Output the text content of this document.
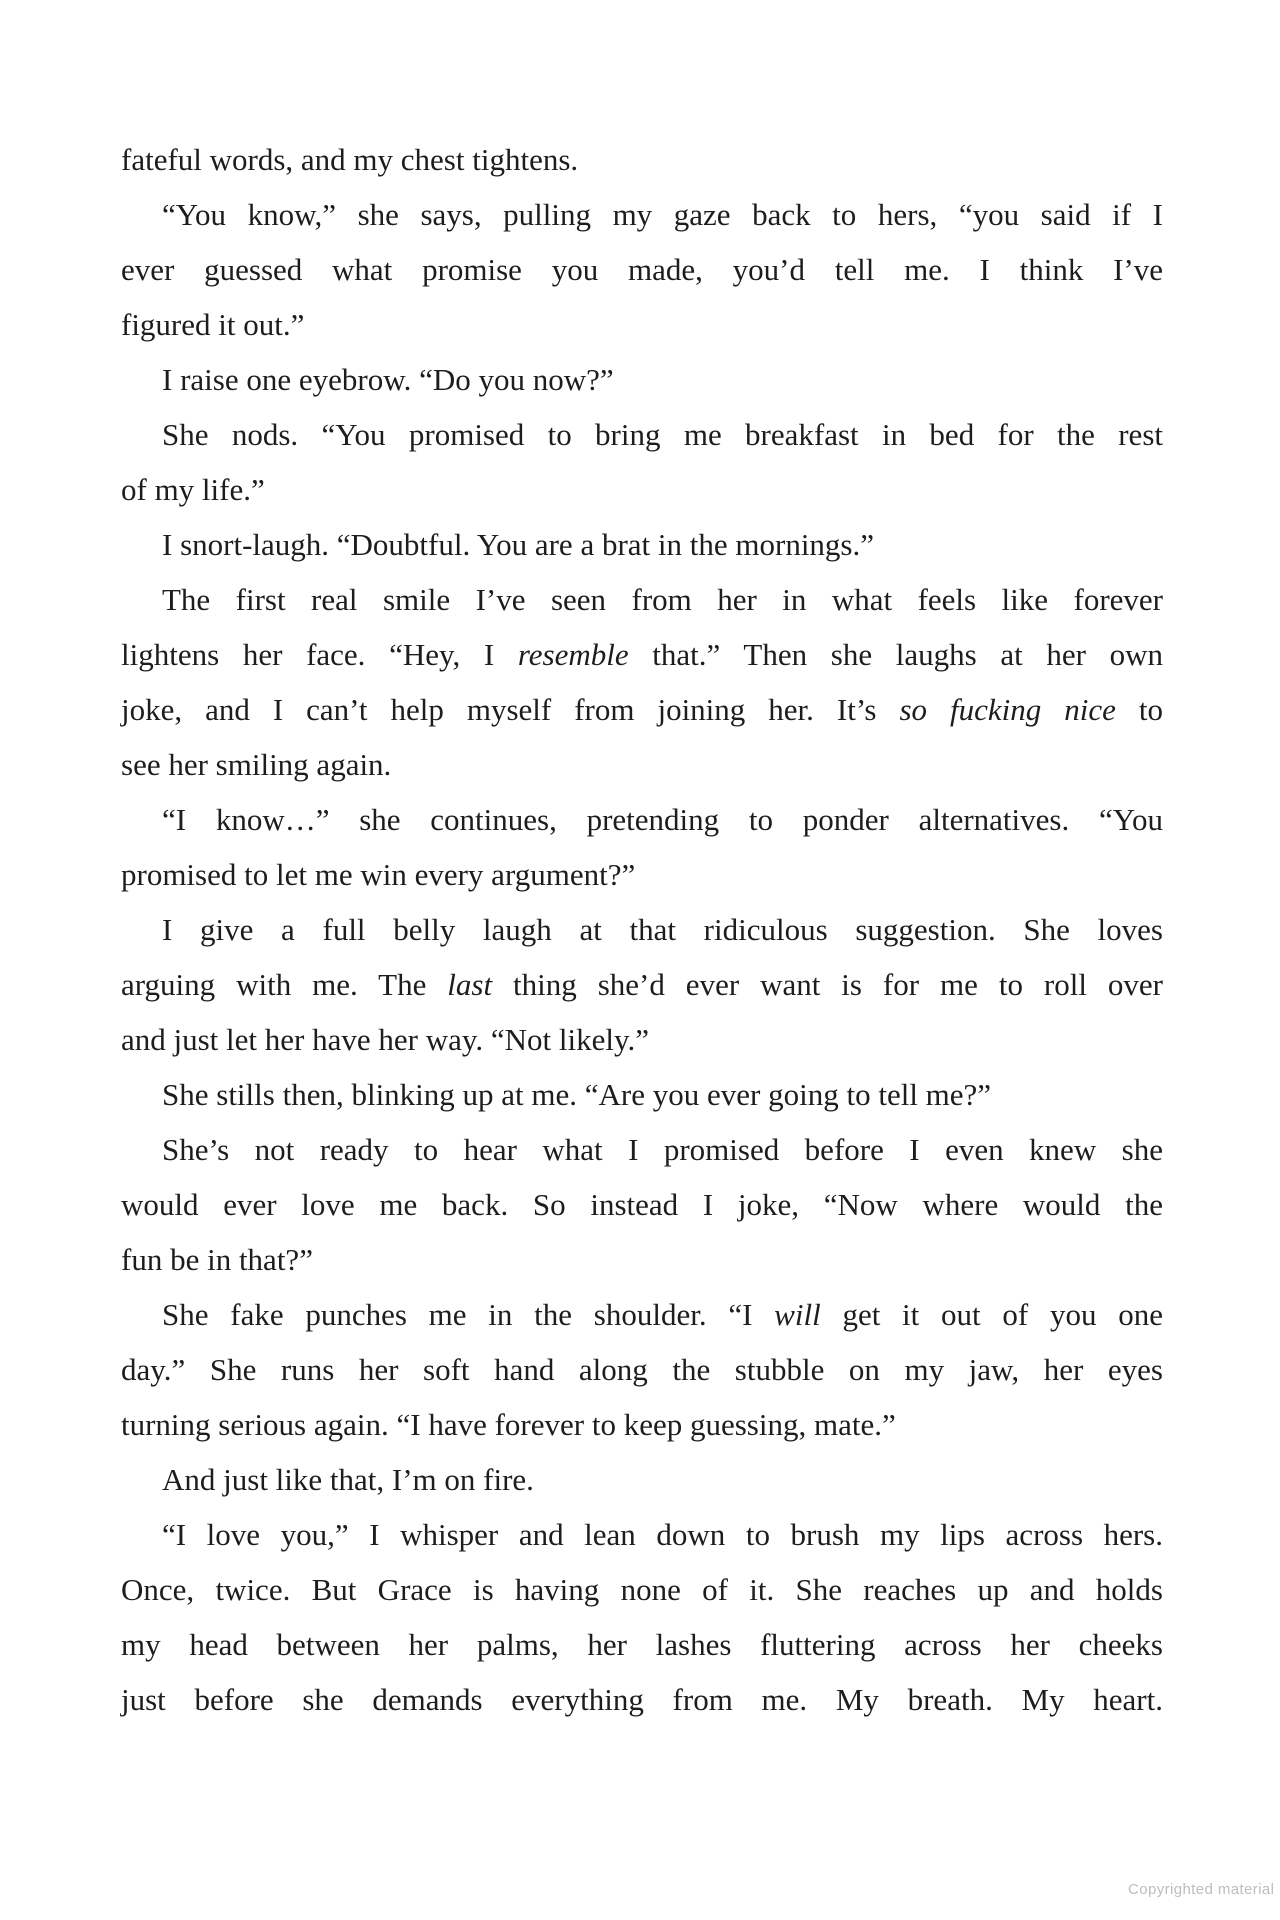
fateful words, and my chest tightens.
“You know,” she says, pulling my gaze back to hers, “you said if I
ever guessed what promise you made, you’d tell me. I think I’ve
figured it out.”
I raise one eyebrow. “Do you now?”
She nods. “You promised to bring me breakfast in bed for the rest
of my life.”
I snort-laugh. “Doubtful. You are a brat in the mornings.”
The first real smile I’ve seen from her in what feels like forever
lightens her face. “Hey, I resemble that.” Then she laughs at her own
joke, and I can’t help myself from joining her. It’s so fucking nice to
see her smiling again.
“I know…” she continues, pretending to ponder alternatives. “You
promised to let me win every argument?”
I give a full belly laugh at that ridiculous suggestion. She loves
arguing with me. The last thing she’d ever want is for me to roll over
and just let her have her way. “Not likely.”
She stills then, blinking up at me. “Are you ever going to tell me?”
She’s not ready to hear what I promised before I even knew she
would ever love me back. So instead I joke, “Now where would the
fun be in that?”
She fake punches me in the shoulder. “I will get it out of you one
day.” She runs her soft hand along the stubble on my jaw, her eyes
turning serious again. “I have forever to keep guessing, mate.”
And just like that, I’m on fire.
“I love you,” I whisper and lean down to brush my lips across hers.
Once, twice. But Grace is having none of it. She reaches up and holds
my head between her palms, her lashes fluttering across her cheeks
just before she demands everything from me. My breath. My heart.
Copyrighted material
